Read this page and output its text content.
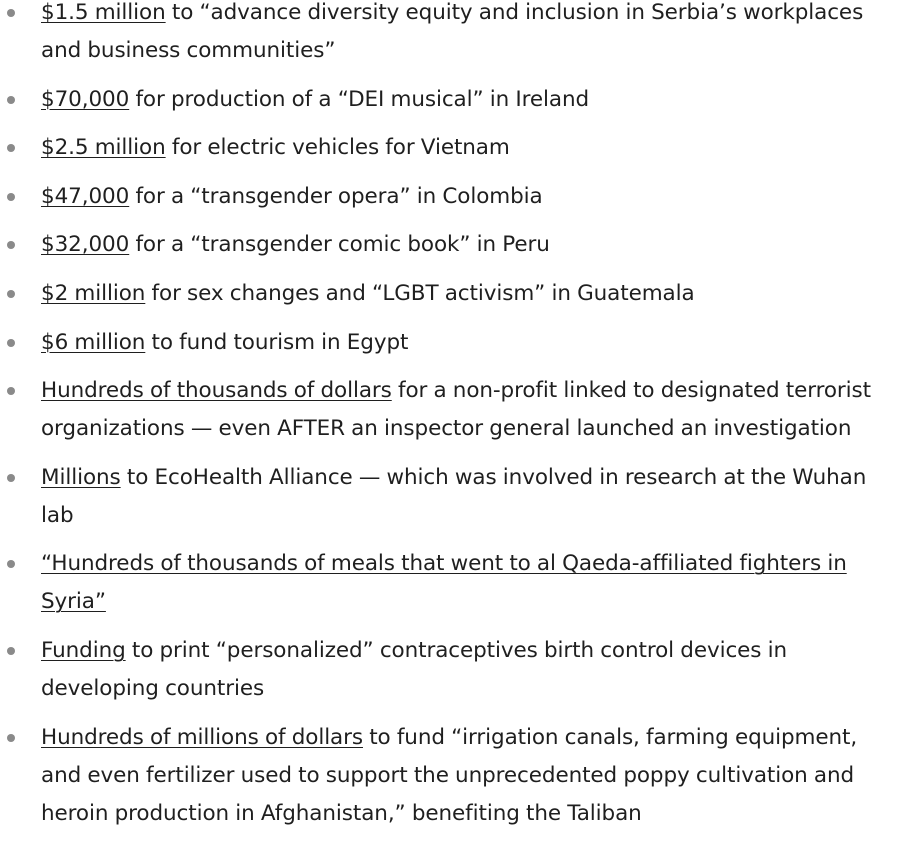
$1.5 million to “advance diversity equity and inclusion in Serbia’s workplaces and business communities”
$70,000 for production of a “DEI musical” in Ireland
$2.5 million for electric vehicles for Vietnam
$47,000 for a “transgender opera” in Colombia
$32,000 for a “transgender comic book” in Peru
$2 million for sex changes and “LGBT activism” in Guatemala
$6 million to fund tourism in Egypt
Hundreds of thousands of dollars for a non-profit linked to designated terrorist organizations — even AFTER an inspector general launched an investigation
Millions to EcoHealth Alliance — which was involved in research at the Wuhan lab
“Hundreds of thousands of meals that went to al Qaeda-affiliated fighters in Syria”
Funding to print “personalized” contraceptives birth control devices in developing countries
Hundreds of millions of dollars to fund “irrigation canals, farming equipment, and even fertilizer used to support the unprecedented poppy cultivation and heroin production in Afghanistan,” benefiting the Taliban
